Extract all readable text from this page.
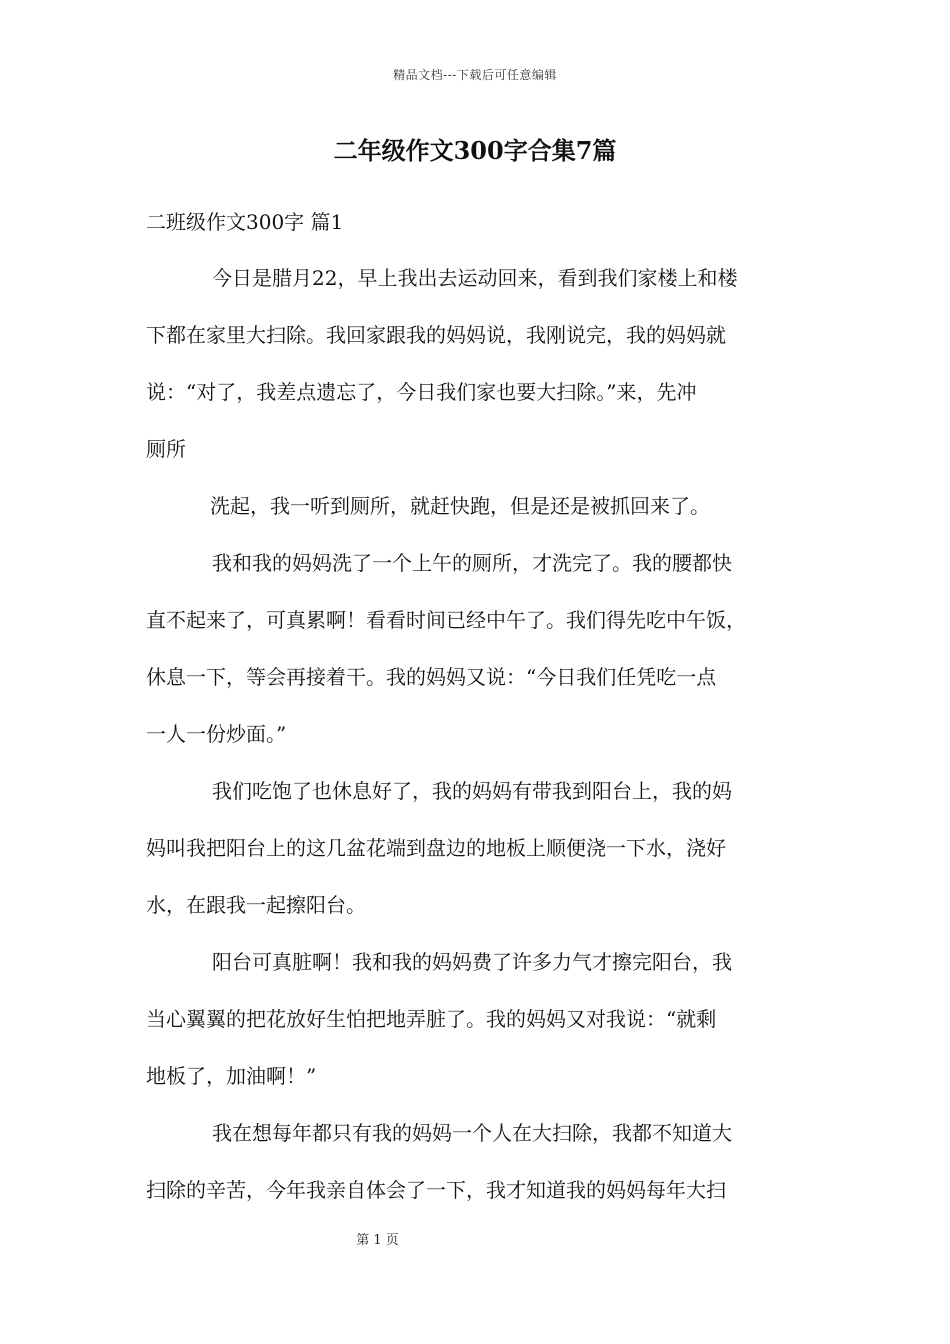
精品文档---下载后可任意编辑
二年级作文300字合集7篇
二班级作文300字 篇1

今日是腊月22，早上我出去运动回来，看到我们家楼上和楼
下都在家里大扫除。我回家跟我的妈妈说，我刚说完，我的妈妈就
说：“对了，我差点遗忘了，今日我们家也要大扫除。”来，先冲
厕所

洗起，我一听到厕所，就赶快跑，但是还是被抓回来了。

我和我的妈妈洗了一个上午的厕所，才洗完了。我的腰都快
直不起来了，可真累啊！看看时间已经中午了。我们得先吃中午饭，
休息一下，等会再接着干。我的妈妈又说：“今日我们任凭吃一点
一人一份炒面。”

我们吃饱了也休息好了，我的妈妈有带我到阳台上，我的妈
妈叫我把阳台上的这几盆花端到盘边的地板上顺便浇一下水，浇好
水，在跟我一起擦阳台。

阳台可真脏啊！我和我的妈妈费了许多力气才擦完阳台，我
当心翼翼的把花放好生怕把地弄脏了。我的妈妈又对我说：“就剩
地板了，加油啊！”

我在想每年都只有我的妈妈一个人在大扫除，我都不知道大
扫除的辛苦，今年我亲自体会了一下，我才知道我的妈妈每年大扫

第 1 页
